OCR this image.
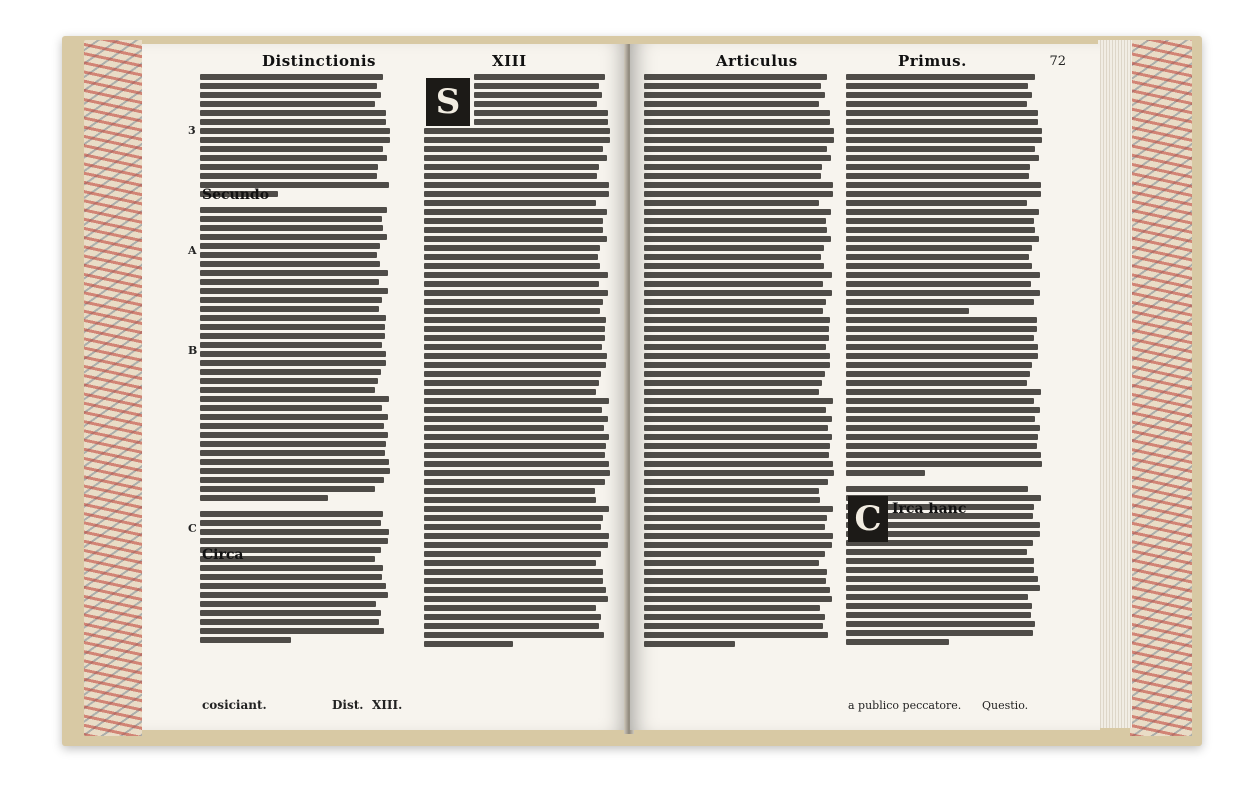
Distinctionis	XIII
Secundo
Circa
S
3
A
B
C
cosiciant.	Dist. XIII.
Articulus	Primus.	72
C Irca hanc
a publico peccatore. Questio.
